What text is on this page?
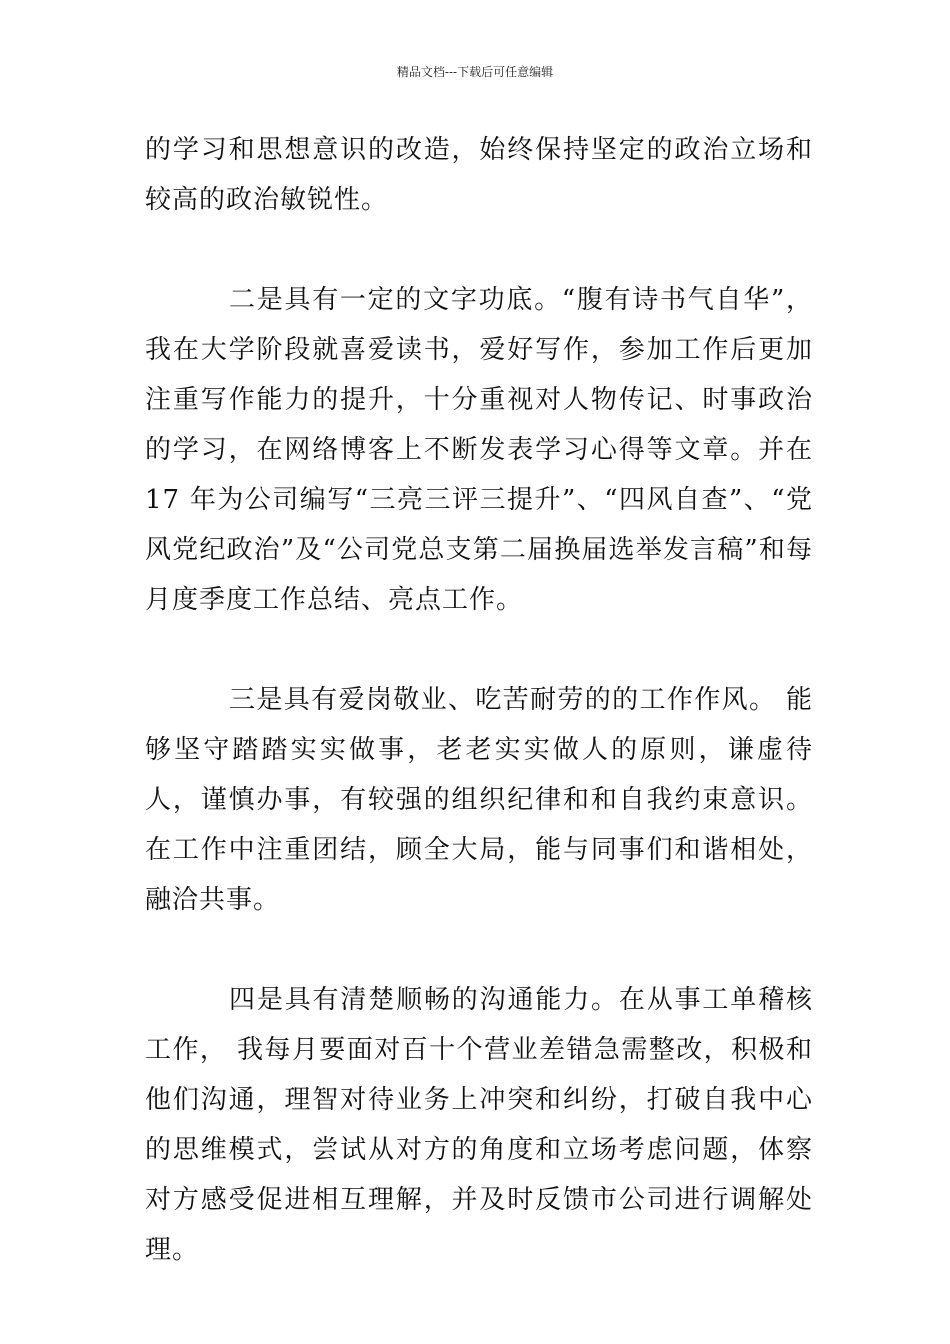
精品文档---下载后可任意编辑

的学习和思想意识的改造，始终保持坚定的政治立场和较高的政治敏锐性。

二是具有一定的文字功底。“腹有诗书气自华”，我在大学阶段就喜爱读书，爱好写作，参加工作后更加注重写作能力的提升，十分重视对人物传记、时事政治的学习，在网络博客上不断发表学习心得等文章。并在 17 年为公司编写“三亮三评三提升”、“四风自查”、“党风党纪政治”及“公司党总支第二届换届选举发言稿”和每月度季度工作总结、亮点工作。

三是具有爱岗敬业、吃苦耐劳的的工作作风。 能够坚守踏踏实实做事，老老实实做人的原则，谦虚待人，谨慎办事，有较强的组织纪律和和自我约束意识。在工作中注重团结，顾全大局，能与同事们和谐相处，融洽共事。

四是具有清楚顺畅的沟通能力。在从事工单稽核工作， 我每月要面对百十个营业差错急需整改，积极和他们沟通，理智对待业务上冲突和纠纷，打破自我中心的思维模式，尝试从对方的角度和立场考虑问题，体察对方感受促进相互理解，并及时反馈市公司进行调解处理。
